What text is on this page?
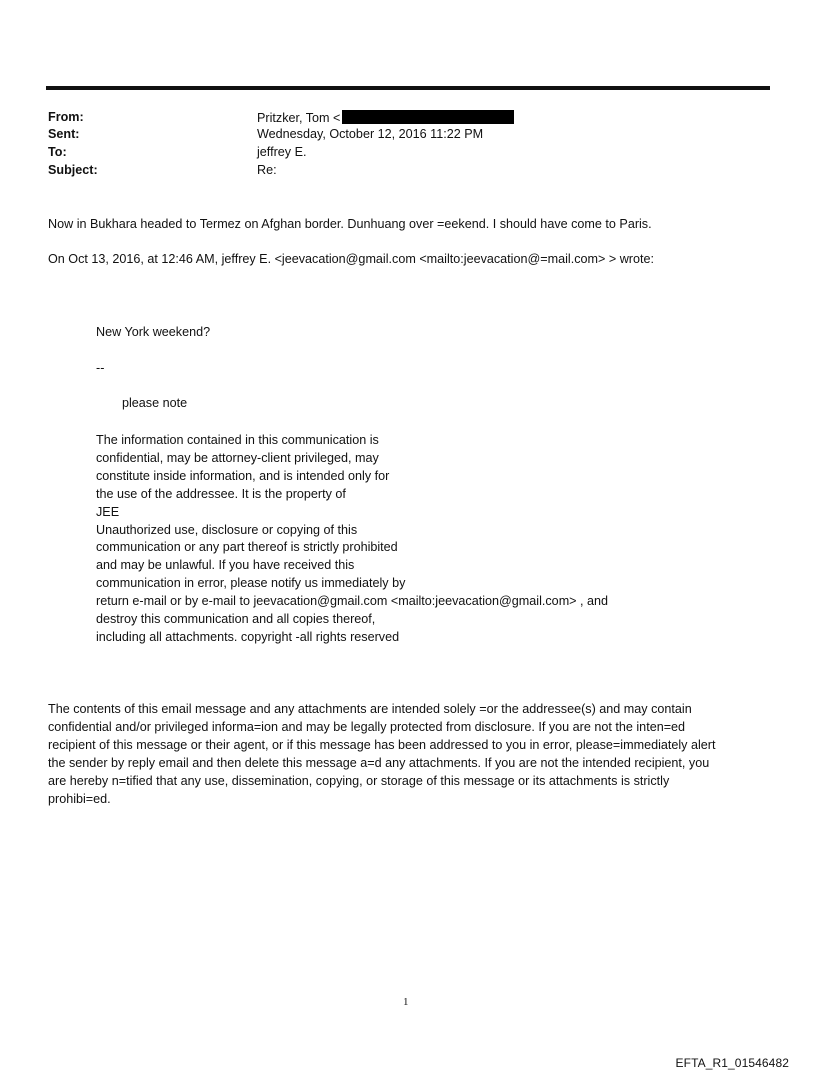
From:	Pritzker, Tom <
Sent:	Wednesday, October 12, 2016 11:22 PM
To:	jeffrey E.
Subject:	Re:
Now in Bukhara headed to Termez on Afghan border. Dunhuang over =eekend. I should have come to Paris.
On Oct 13, 2016, at 12:46 AM, jeffrey E. <jeevacation@gmail.com <mailto:jeevacation@=mail.com> > wrote:
New York weekend?
--
please note
The information contained in this communication is
confidential, may be attorney-client privileged, may
constitute inside information, and is intended only for
the use of the addressee. It is the property of
JEE
Unauthorized use, disclosure or copying of this
communication or any part thereof is strictly prohibited
and may be unlawful. If you have received this
communication in error, please notify us immediately by
return e-mail or by e-mail to jeevacation@gmail.com <mailto:jeevacation@gmail.com> , and
destroy this communication and all copies thereof,
including all attachments. copyright -all rights reserved
The contents of this email message and any attachments are intended solely =or the addressee(s) and may contain
confidential and/or privileged informa=ion and may be legally protected from disclosure. If you are not the inten=ed
recipient of this message or their agent, or if this message has been addressed to you in error, please=immediately alert
the sender by reply email and then delete this message a=d any attachments. If you are not the intended recipient, you
are hereby n=tified that any use, dissemination, copying, or storage of this message or its attachments is strictly
prohibi=ed.
1
EFTA_R1_01546482
